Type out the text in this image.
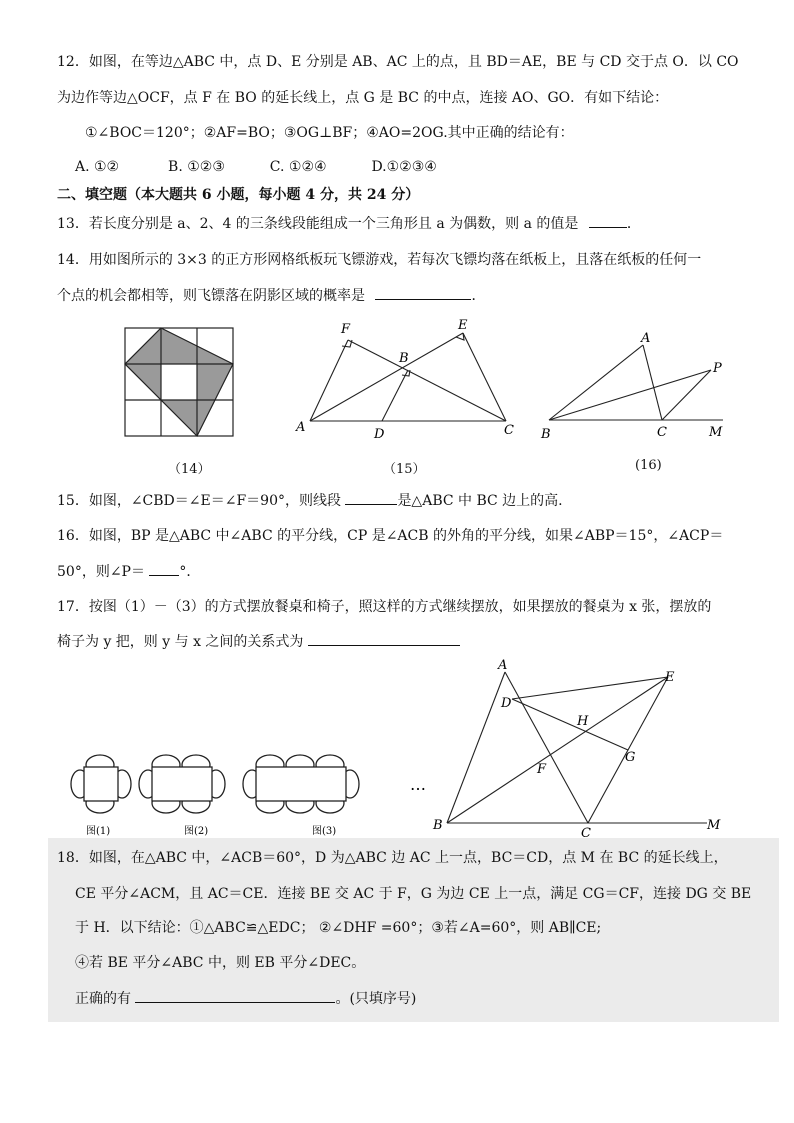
12．如图，在等边△ABC 中，点 D、E 分别是 AB、AC 上的点，且 BD＝AE，BE 与 CD 交于点 O．以 CO
为边作等边△OCF，点 F 在 BO 的延长线上，点 G 是 BC 的中点，连接 AO、GO．有如下结论：
①∠BOC＝120°；②AF=BO；③OG⊥BF；④AO=2OG.其中正确的结论有：
A. ①②	B. ①②③	C. ①②④	D.①②③④
二、填空题（本大题共 6 小题，每小题 4 分，共 24 分）
13．若长度分别是 a、2、4 的三条线段能组成一个三角形且 a 为偶数，则 a 的值是	．
14．用如图所示的 3×3 的正方形网格纸板玩飞镖游戏，若每次飞镖均落在纸板上，且落在纸板的任何一
个点的机会都相等，则飞镖落在阴影区域的概率是	．
（14）
F	E
B
A	D	C
（15）
A
P
B	C	M
(16)
15．如图，∠CBD＝∠E＝∠F＝90°，则线段	是△ABC 中 BC 边上的高.
16．如图，BP 是△ABC 中∠ABC 的平分线，CP 是∠ACB 的外角的平分线，如果∠ABP＝15°，∠ACP＝
50°，则∠P＝ °．
17．按图（1）－（3）的方式摆放餐桌和椅子，照这样的方式继续摆放，如果摆放的餐桌为 x 张，摆放的
椅子为 y 把，则 y 与 x 之间的关系式为
…
图(1)	图(2)	图(3)
A
E
D
H
F
G
B
C
M
18．如图，在△ABC 中，∠ACB＝60°，D 为△ABC 边 AC 上一点，BC＝CD，点 M 在 BC 的延长线上，
CE 平分∠ACM，且 AC＝CE．连接 BE 交 AC 于 F，G 为边 CE 上一点，满足 CG＝CF，连接 DG 交 BE
于 H．以下结论：①△ABC≌△EDC； ②∠DHF =60°；③若∠A=60°，则 AB∥CE;
④若 BE 平分∠ABC 中，则 EB 平分∠DEC。
正确的有	。(只填序号)
